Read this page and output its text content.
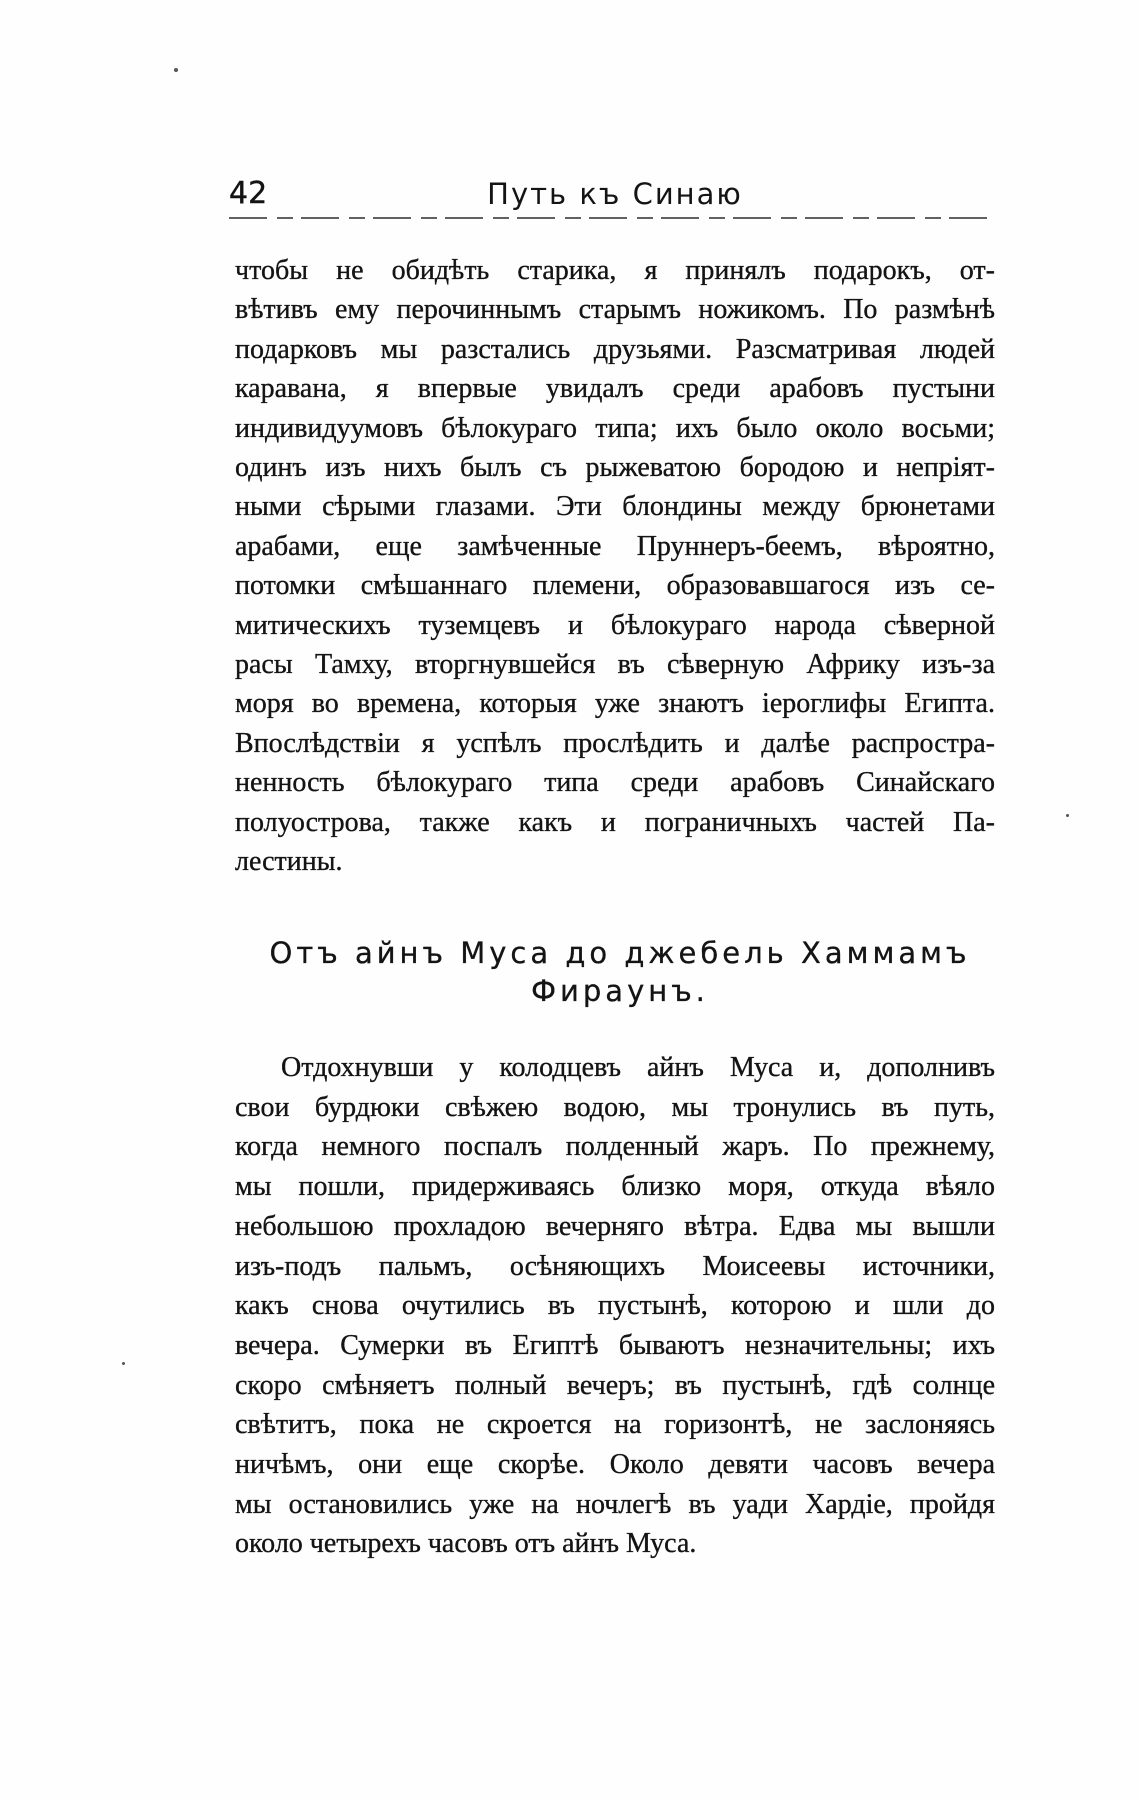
42	Путь къ Синаю
чтобы не обидѣть старика, я принялъ подарокъ, от-
вѣтивъ ему перочиннымъ старымъ ножикомъ. По размѣнѣ
подарковъ мы разстались друзьями. Разсматривая людей
каравана, я впервые увидалъ среди арабовъ пустыни
индивидуумовъ бѣлокураго типа; ихъ было около восьми;
одинъ изъ нихъ былъ съ рыжеватою бородою и непріят-
ными сѣрыми глазами. Эти блондины между брюнетами
арабами, еще замѣченные Пруннеръ-беемъ, вѣроятно,
потомки смѣшаннаго племени, образовавшагося изъ се-
митическихъ туземцевъ и бѣлокураго народа сѣверной
расы Тамху, вторгнувшейся въ сѣверную Африку изъ-за
моря во времена, которыя уже знаютъ іероглифы Египта.
Впослѣдствіи я успѣлъ прослѣдить и далѣе распростра-
ненность бѣлокураго типа среди арабовъ Синайскаго
полуострова, также какъ и пограничныхъ частей Па-
лестины.
Отъ айнъ Муса до джебель Хаммамъ
Фираунъ.
Отдохнувши у колодцевъ айнъ Муса и, дополнивъ
свои бурдюки свѣжею водою, мы тронулись въ путь,
когда немного поспалъ полденный жаръ. По прежнему,
мы пошли, придерживаясь близко моря, откуда вѣяло
небольшою прохладою вечерняго вѣтра. Едва мы вышли
изъ-подъ пальмъ, осѣняющихъ Моисеевы источники,
какъ снова очутились въ пустынѣ, которою и шли до
вечера. Сумерки въ Египтѣ бываютъ незначительны; ихъ
скоро смѣняетъ полный вечеръ; въ пустынѣ, гдѣ солнце
свѣтитъ, пока не скроется на горизонтѣ, не заслоняясь
ничѣмъ, они еще скорѣе. Около девяти часовъ вечера
мы остановились уже на ночлегѣ въ уади Хардіе, пройдя
около четырехъ часовъ отъ айнъ Муса.
